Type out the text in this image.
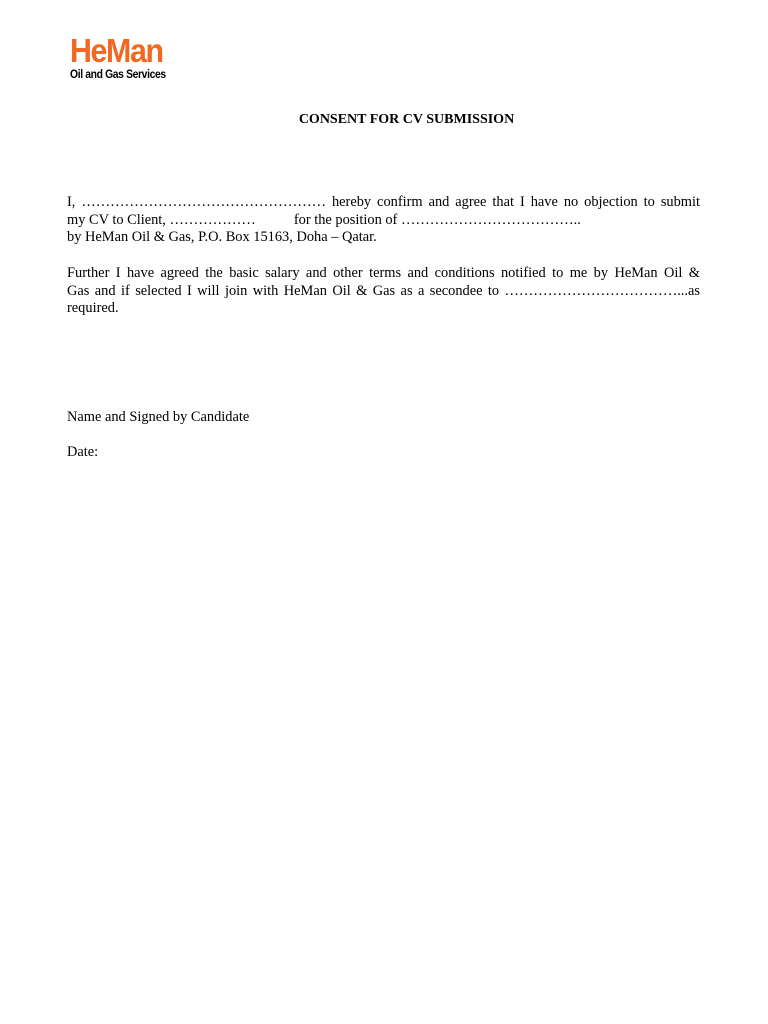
HeMan
Oil and Gas Services
CONSENT FOR CV SUBMISSION
I, …………………………………………… hereby confirm and agree that I have no objection to submit
my CV to Client, ………………	for the position of ………………………………..
by HeMan Oil & Gas, P.O. Box 15163, Doha – Qatar.
Further I have agreed the basic salary and other terms and conditions notified to me by HeMan Oil &
Gas and if selected I will join with HeMan Oil & Gas as a secondee to ………………………………...as
required.
Name and Signed by Candidate
Date:
